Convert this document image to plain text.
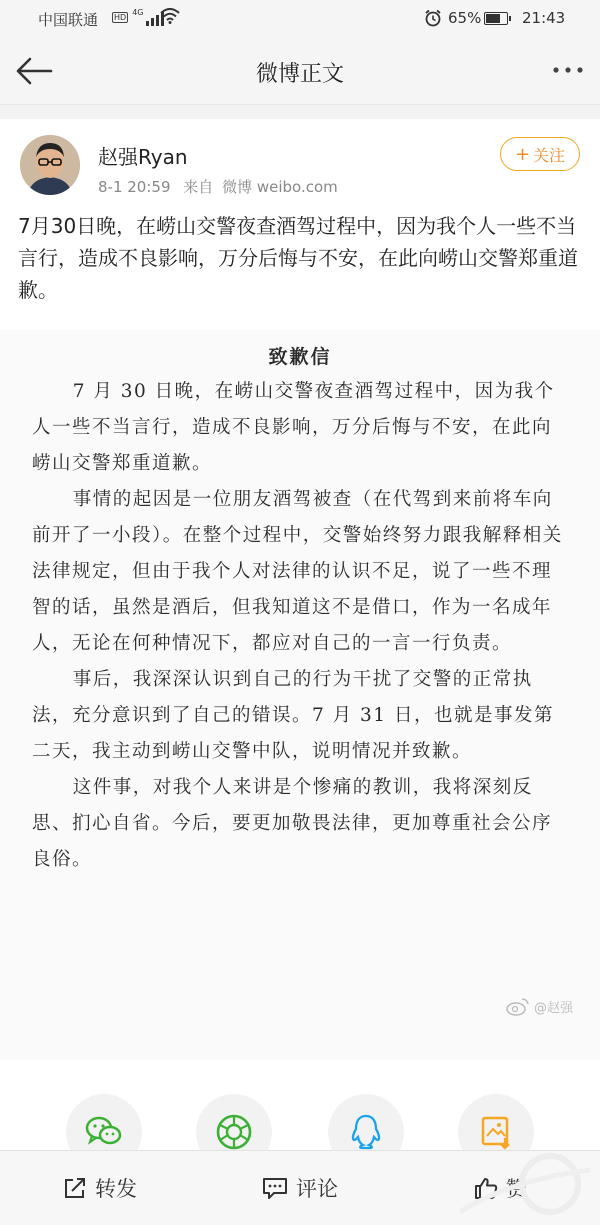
中国联通 HD 4G	65%	21:43
微博正文
赵强Ryan
8-1 20:59 来自 微博 weibo.com
+ 关注
7月30日晚，在崂山交警夜查酒驾过程中，因为我个人一些不当言行，造成不良影响，万分后悔与不安，在此向崂山交警郑重道歉。
致歉信

7 月 30 日晚，在崂山交警夜查酒驾过程中，因为我个人一些不当言行，造成不良影响，万分后悔与不安，在此向崂山交警郑重道歉。

事情的起因是一位朋友酒驾被查（在代驾到来前将车向前开了一小段）。在整个过程中，交警始终努力跟我解释相关法律规定，但由于我个人对法律的认识不足，说了一些不理智的话，虽然是酒后，但我知道这不是借口，作为一名成年人，无论在何种情况下，都应对自己的一言一行负责。

事后，我深深认识到自己的行为干扰了交警的正常执法，充分意识到了自己的错误。7 月 31 日，也就是事发第二天，我主动到崂山交警中队，说明情况并致歉。

这件事，对我个人来讲是个惨痛的教训，我将深刻反思、扪心自省。今后，要更加敬畏法律，更加尊重社会公序良俗。

@赵强
转发	评论	赞
